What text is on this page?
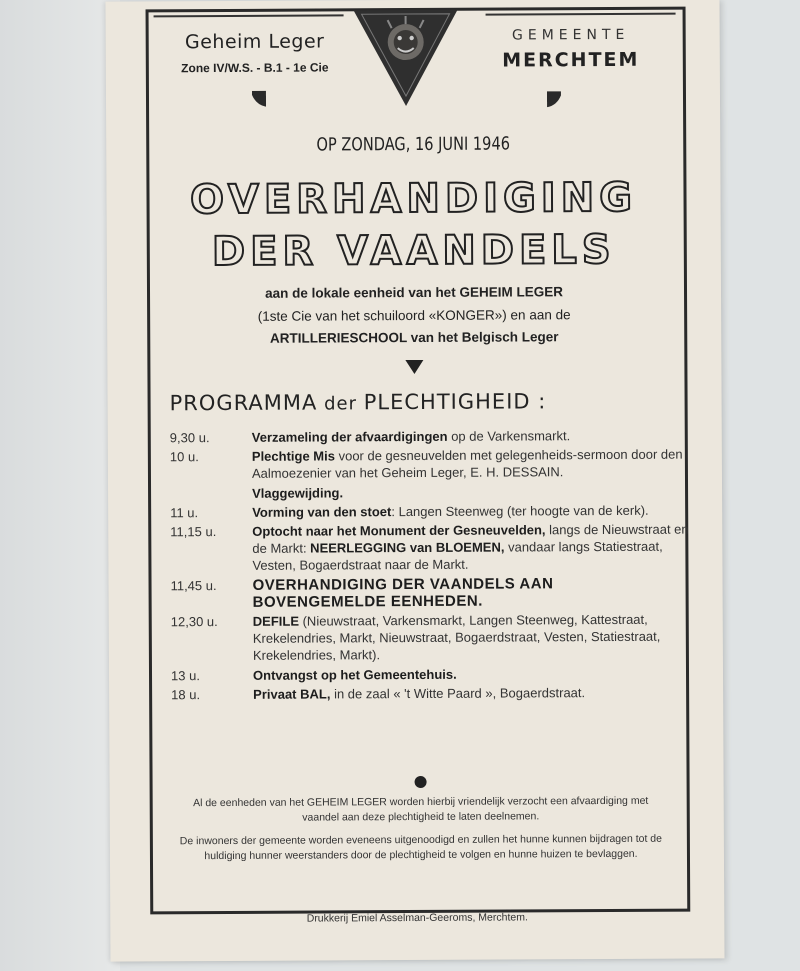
Geheim Leger
Zone IV/W.S. - B.1 - 1e Cie
GEMEENTE
MERCHTEM
OP ZONDAG, 16 JUNI 1946
OVERHANDIGING
DER VAANDELS
aan de lokale eenheid van het GEHEIM LEGER
(1ste Cie van het schuiloord «KONGER») en aan de
ARTILLERIESCHOOL van het Belgisch Leger
PROGRAMMA der PLECHTIGHEID :
9,30 u.	Verzameling der afvaardigingen op de Varkensmarkt.
10 u.	Plechtige Mis voor de gesneuvelden met gelegenheids-sermoon door den Aalmoezenier van het Geheim Leger, E. H. DESSAIN.
Vlaggewijding.
11 u.	Vorming van den stoet: Langen Steenweg (ter hoogte van de kerk).
11,15 u.	Optocht naar het Monument der Gesneuvelden, langs de Nieuwstraat en de Markt: NEERLEGGING van BLOEMEN, vandaar langs Statiestraat, Vesten, Bogaerdstraat naar de Markt.
11,45 u.	OVERHANDIGING DER VAANDELS AAN BOVENGEMELDE EENHEDEN.
12,30 u.	DEFILE (Nieuwstraat, Varkensmarkt, Langen Steenweg, Kattestraat, Krekelendries, Markt, Nieuwstraat, Bogaerdstraat, Vesten, Statiestraat, Krekelendries, Markt).
13 u.	Ontvangst op het Gemeentehuis.
18 u.	Privaat BAL, in de zaal « 't Witte Paard », Bogaerdstraat.

Al de eenheden van het GEHEIM LEGER worden hierbij vriendelijk verzocht een afvaardiging met vaandel aan deze plechtigheid te laten deelnemen.

De inwoners der gemeente worden eveneens uitgenoodigd en zullen het hunne kunnen bijdragen tot de huldiging hunner weerstanders door de plechtigheid te volgen en hunne huizen te bevlaggen.

Drukkerij Emiel Asselman-Geeroms, Merchtem.
